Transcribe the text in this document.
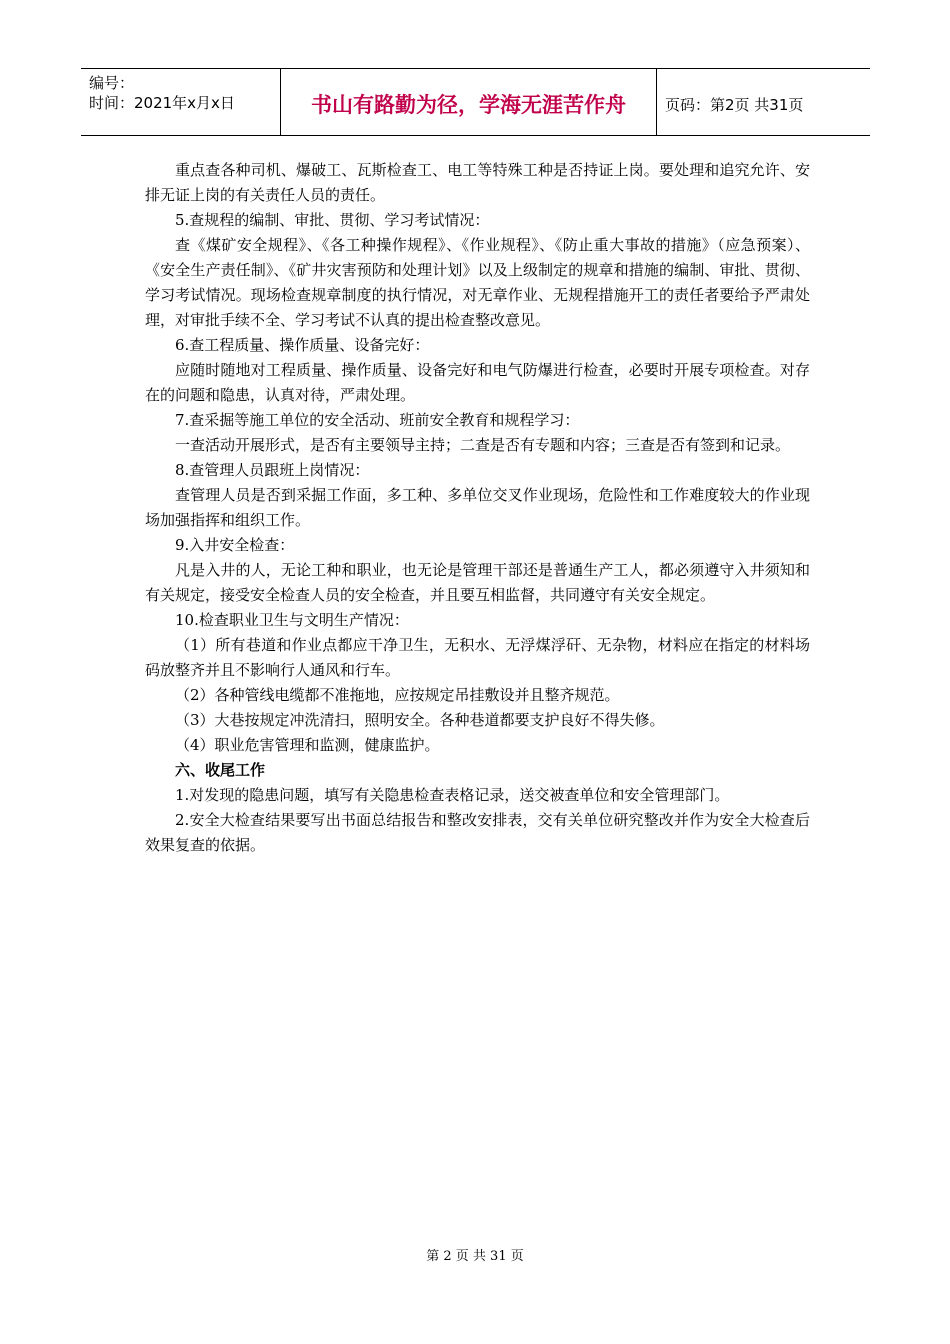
编号：
时间：2021年x月x日	书山有路勤为径，学海无涯苦作舟	页码：第2页 共31页

重点查各种司机、爆破工、瓦斯检查工、电工等特殊工种是否持证上岗。要处理和追究允许、安排无证上岗的有关责任人员的责任。

5.查规程的编制、审批、贯彻、学习考试情况：

查《煤矿安全规程》、《各工种操作规程》、《作业规程》、《防止重大事故的措施》（应急预案）、《安全生产责任制》、《矿井灾害预防和处理计划》以及上级制定的规章和措施的编制、审批、贯彻、学习考试情况。现场检查规章制度的执行情况，对无章作业、无规程措施开工的责任者要给予严肃处理，对审批手续不全、学习考试不认真的提出检查整改意见。

6.查工程质量、操作质量、设备完好：

应随时随地对工程质量、操作质量、设备完好和电气防爆进行检查，必要时开展专项检查。对存在的问题和隐患，认真对待，严肃处理。

7.查采掘等施工单位的安全活动、班前安全教育和规程学习：

一查活动开展形式，是否有主要领导主持；二查是否有专题和内容；三查是否有签到和记录。

8.查管理人员跟班上岗情况：

查管理人员是否到采掘工作面，多工种、多单位交叉作业现场，危险性和工作难度较大的作业现场加强指挥和组织工作。

9.入井安全检查：

凡是入井的人，无论工种和职业，也无论是管理干部还是普通生产工人，都必须遵守入井须知和有关规定，接受安全检查人员的安全检查，并且要互相监督，共同遵守有关安全规定。

10.检查职业卫生与文明生产情况：

（1）所有巷道和作业点都应干净卫生，无积水、无浮煤浮矸、无杂物，材料应在指定的材料场码放整齐并且不影响行人通风和行车。

（2）各种管线电缆都不准拖地，应按规定吊挂敷设并且整齐规范。

（3）大巷按规定冲洗清扫，照明安全。各种巷道都要支护良好不得失修。

（4）职业危害管理和监测，健康监护。

六、收尾工作

1.对发现的隐患问题，填写有关隐患检查表格记录，送交被查单位和安全管理部门。

2.安全大检查结果要写出书面总结报告和整改安排表，交有关单位研究整改并作为安全大检查后效果复查的依据。

第 2 页 共 31 页
